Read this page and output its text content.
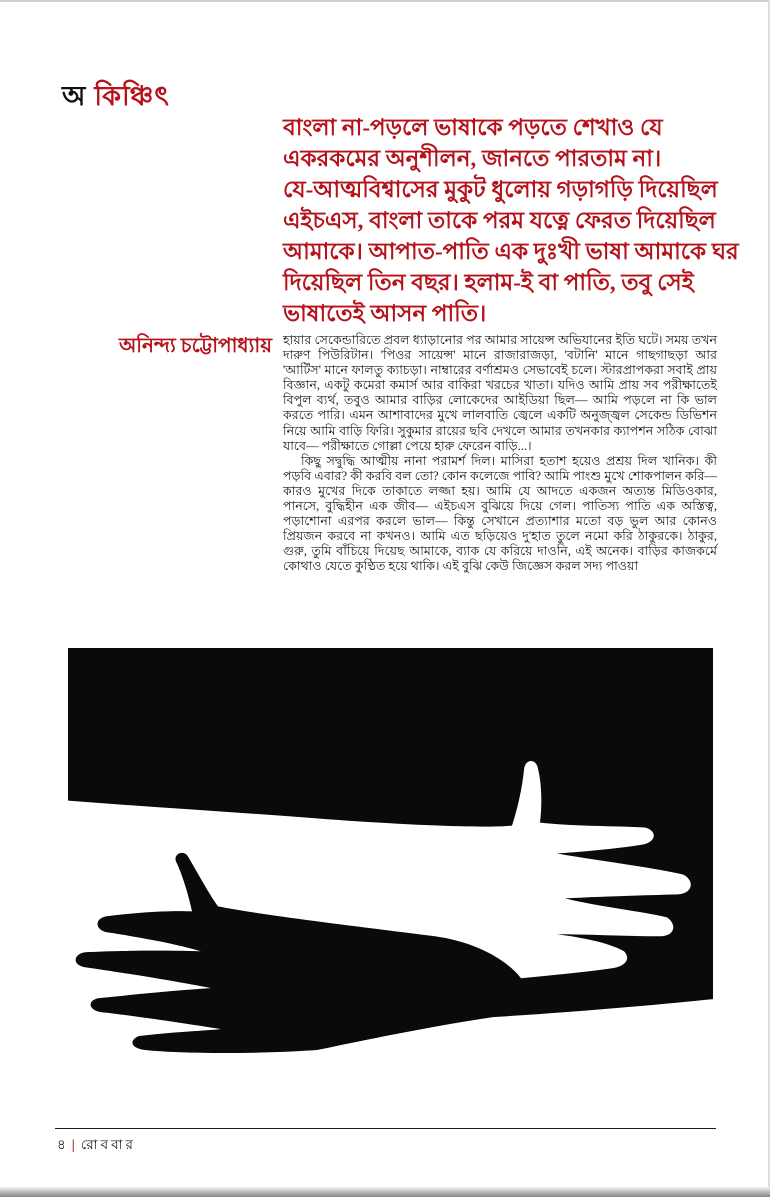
অ কিঞ্চিৎ
বাংলা না-পড়লে ভাষাকে পড়তে শেখাও যে
একরকমের অনুশীলন, জানতে পারতাম না।
যে-আত্মবিশ্বাসের মুকুট ধুলোয় গড়াগড়ি দিয়েছিল
এইচএস, বাংলা তাকে পরম যত্নে ফেরত দিয়েছিল
আমাকে। আপাত-পাতি এক দুঃখী ভাষা আমাকে ঘর
দিয়েছিল তিন বছর। হলাম-ই বা পাতি, তবু সেই
ভাষাতেই আসন পাতি।
অনিন্দ্য চট্টোপাধ্যায় হায়ার সেকেন্ডারিতে প্রবল ধ্যাড়ানোর পর আমার সায়েন্স অভিযানের ইতি ঘটে। সময় তখন দারুণ পিউরিটান। 'পিওর সায়েন্স' মানে রাজারাজড়া, 'বটানি' মানে গাছগাছড়া আর 'আর্টিস' মানে ফালতু ক্যাচড়া। নাম্বারের বর্ণাশ্রমও সেভাবেই চলে। স্টারপ্রাপকরা সবাই প্রায় বিজ্ঞান, একটু কমেরা কমার্স আর বাকিরা খরচের খাতা। যদিও আমি প্রায় সব পরীক্ষাতেই বিপুল ব্যর্থ, তবুও আমার বাড়ির লোকেদের আইডিয়া ছিল— আমি পড়লে না কি ভাল করতে পারি। এমন আশাবাদের মুখে লালবাতি জ্বেলে একটি অনুজ্জ্বল সেকেন্ড ডিভিশন নিয়ে আমি বাড়ি ফিরি। সুকুমার রায়ের ছবি দেখলে আমার তখনকার ক্যাপশন সঠিক বোঝা যাবে— পরীক্ষাতে গোল্লা পেয়ে হারু ফেরেন বাড়ি...।

কিছু সদ্বুদ্ধি আত্মীয় নানা পরামর্শ দিল। মাসিরা হতাশ হয়েও প্রশ্রয় দিল খানিক। কী পড়বি এবার? কী করবি বল তো? কোন কলেজে পাবি? আমি পাংশু মুখে শোকপালন করি— কারও মুখের দিকে তাকাতে লজ্জা হয়। আমি যে আদতে একজন অত্যন্ত মিডিওকার, পানসে, বুদ্ধিহীন এক জীব— এইচএস বুঝিয়ে দিয়ে গেল। পাতিস্য পাতি এক অস্তিত্ব, পড়াশোনা এরপর করলে ভাল— কিন্তু সেখানে প্রত্যাশার মতো বড় ভুল আর কোনও প্রিয়জন করবে না কখনও। আমি এত ছড়িয়েও দু'হাত তুলে নমো করি ঠাকুরকে। ঠাকুর, গুরু, তুমি বাঁচিয়ে দিয়েছ আমাকে, ব্যাক যে করিয়ে দাওনি, এই অনেক। বাড়ির কাজকর্মে কোথাও যেতে কুণ্ঠিত হয়ে থাকি। এই বুঝি কেউ জিজ্ঞেস করল সদ্য পাওয়া

৪ | রোববার
